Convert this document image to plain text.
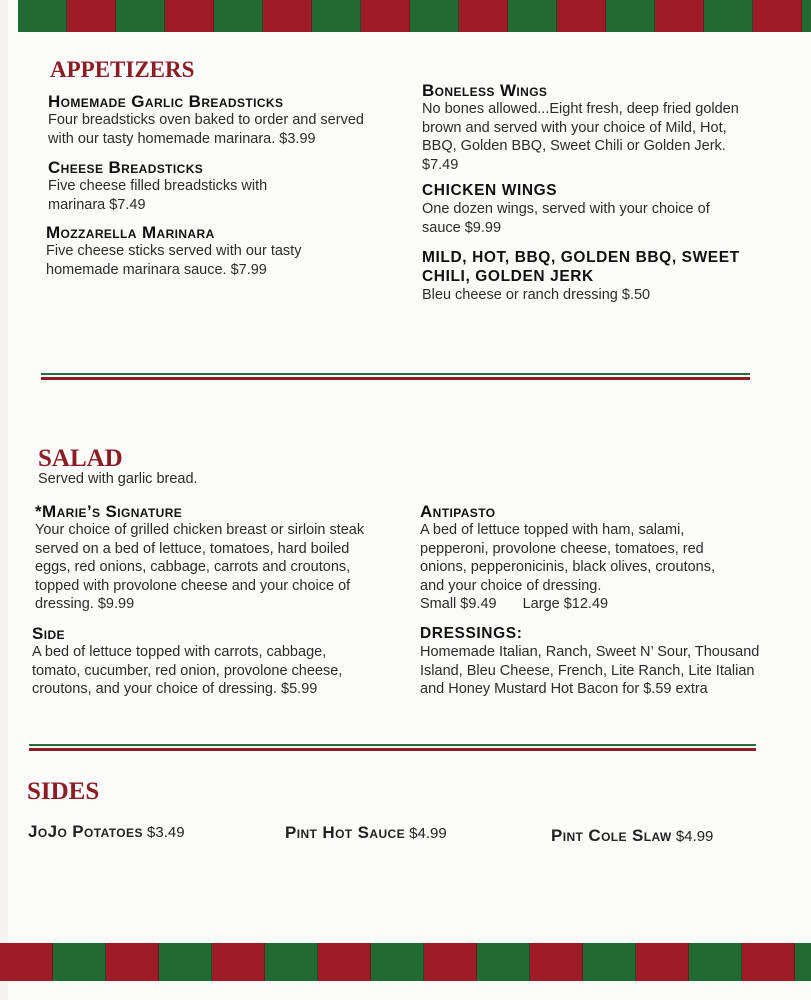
APPETIZERS
Homemade Garlic Breadsticks
Four breadsticks oven baked to order and served with our tasty homemade marinara. $3.99
Cheese Breadsticks
Five cheese filled breadsticks with marinara $7.49
Mozzarella Marinara
Five cheese sticks served with our tasty homemade marinara sauce. $7.99
Boneless Wings
No bones allowed...Eight fresh, deep fried golden brown and served with your choice of Mild, Hot, BBQ, Golden BBQ, Sweet Chili or Golden Jerk. $7.49
CHICKEN WINGS
One dozen wings, served with your choice of sauce $9.99
MILD, HOT, BBQ, GOLDEN BBQ, SWEET CHILI, GOLDEN JERK
Bleu cheese or ranch dressing $.50
SALAD
Served with garlic bread.
*Marie’s Signature
Your choice of grilled chicken breast or sirloin steak served on a bed of lettuce, tomatoes, hard boiled eggs, red onions, cabbage, carrots and croutons, topped with provolone cheese and your choice of dressing. $9.99
Side
A bed of lettuce topped with carrots, cabbage, tomato, cucumber, red onion, provolone cheese, croutons, and your choice of dressing. $5.99
Antipasto
A bed of lettuce topped with ham, salami, pepperoni, provolone cheese, tomatoes, red onions, pepperonicinis, black olives, croutons, and your choice of dressing.
Small $9.49 Large $12.49
DRESSINGS:
Homemade Italian, Ranch, Sweet N’ Sour, Thousand Island, Bleu Cheese, French, Lite Ranch, Lite Italian and Honey Mustard Hot Bacon for $.59 extra
SIDES
JoJo Potatoes $3.49	Pint Hot Sauce $4.99	Pint Cole Slaw $4.99
